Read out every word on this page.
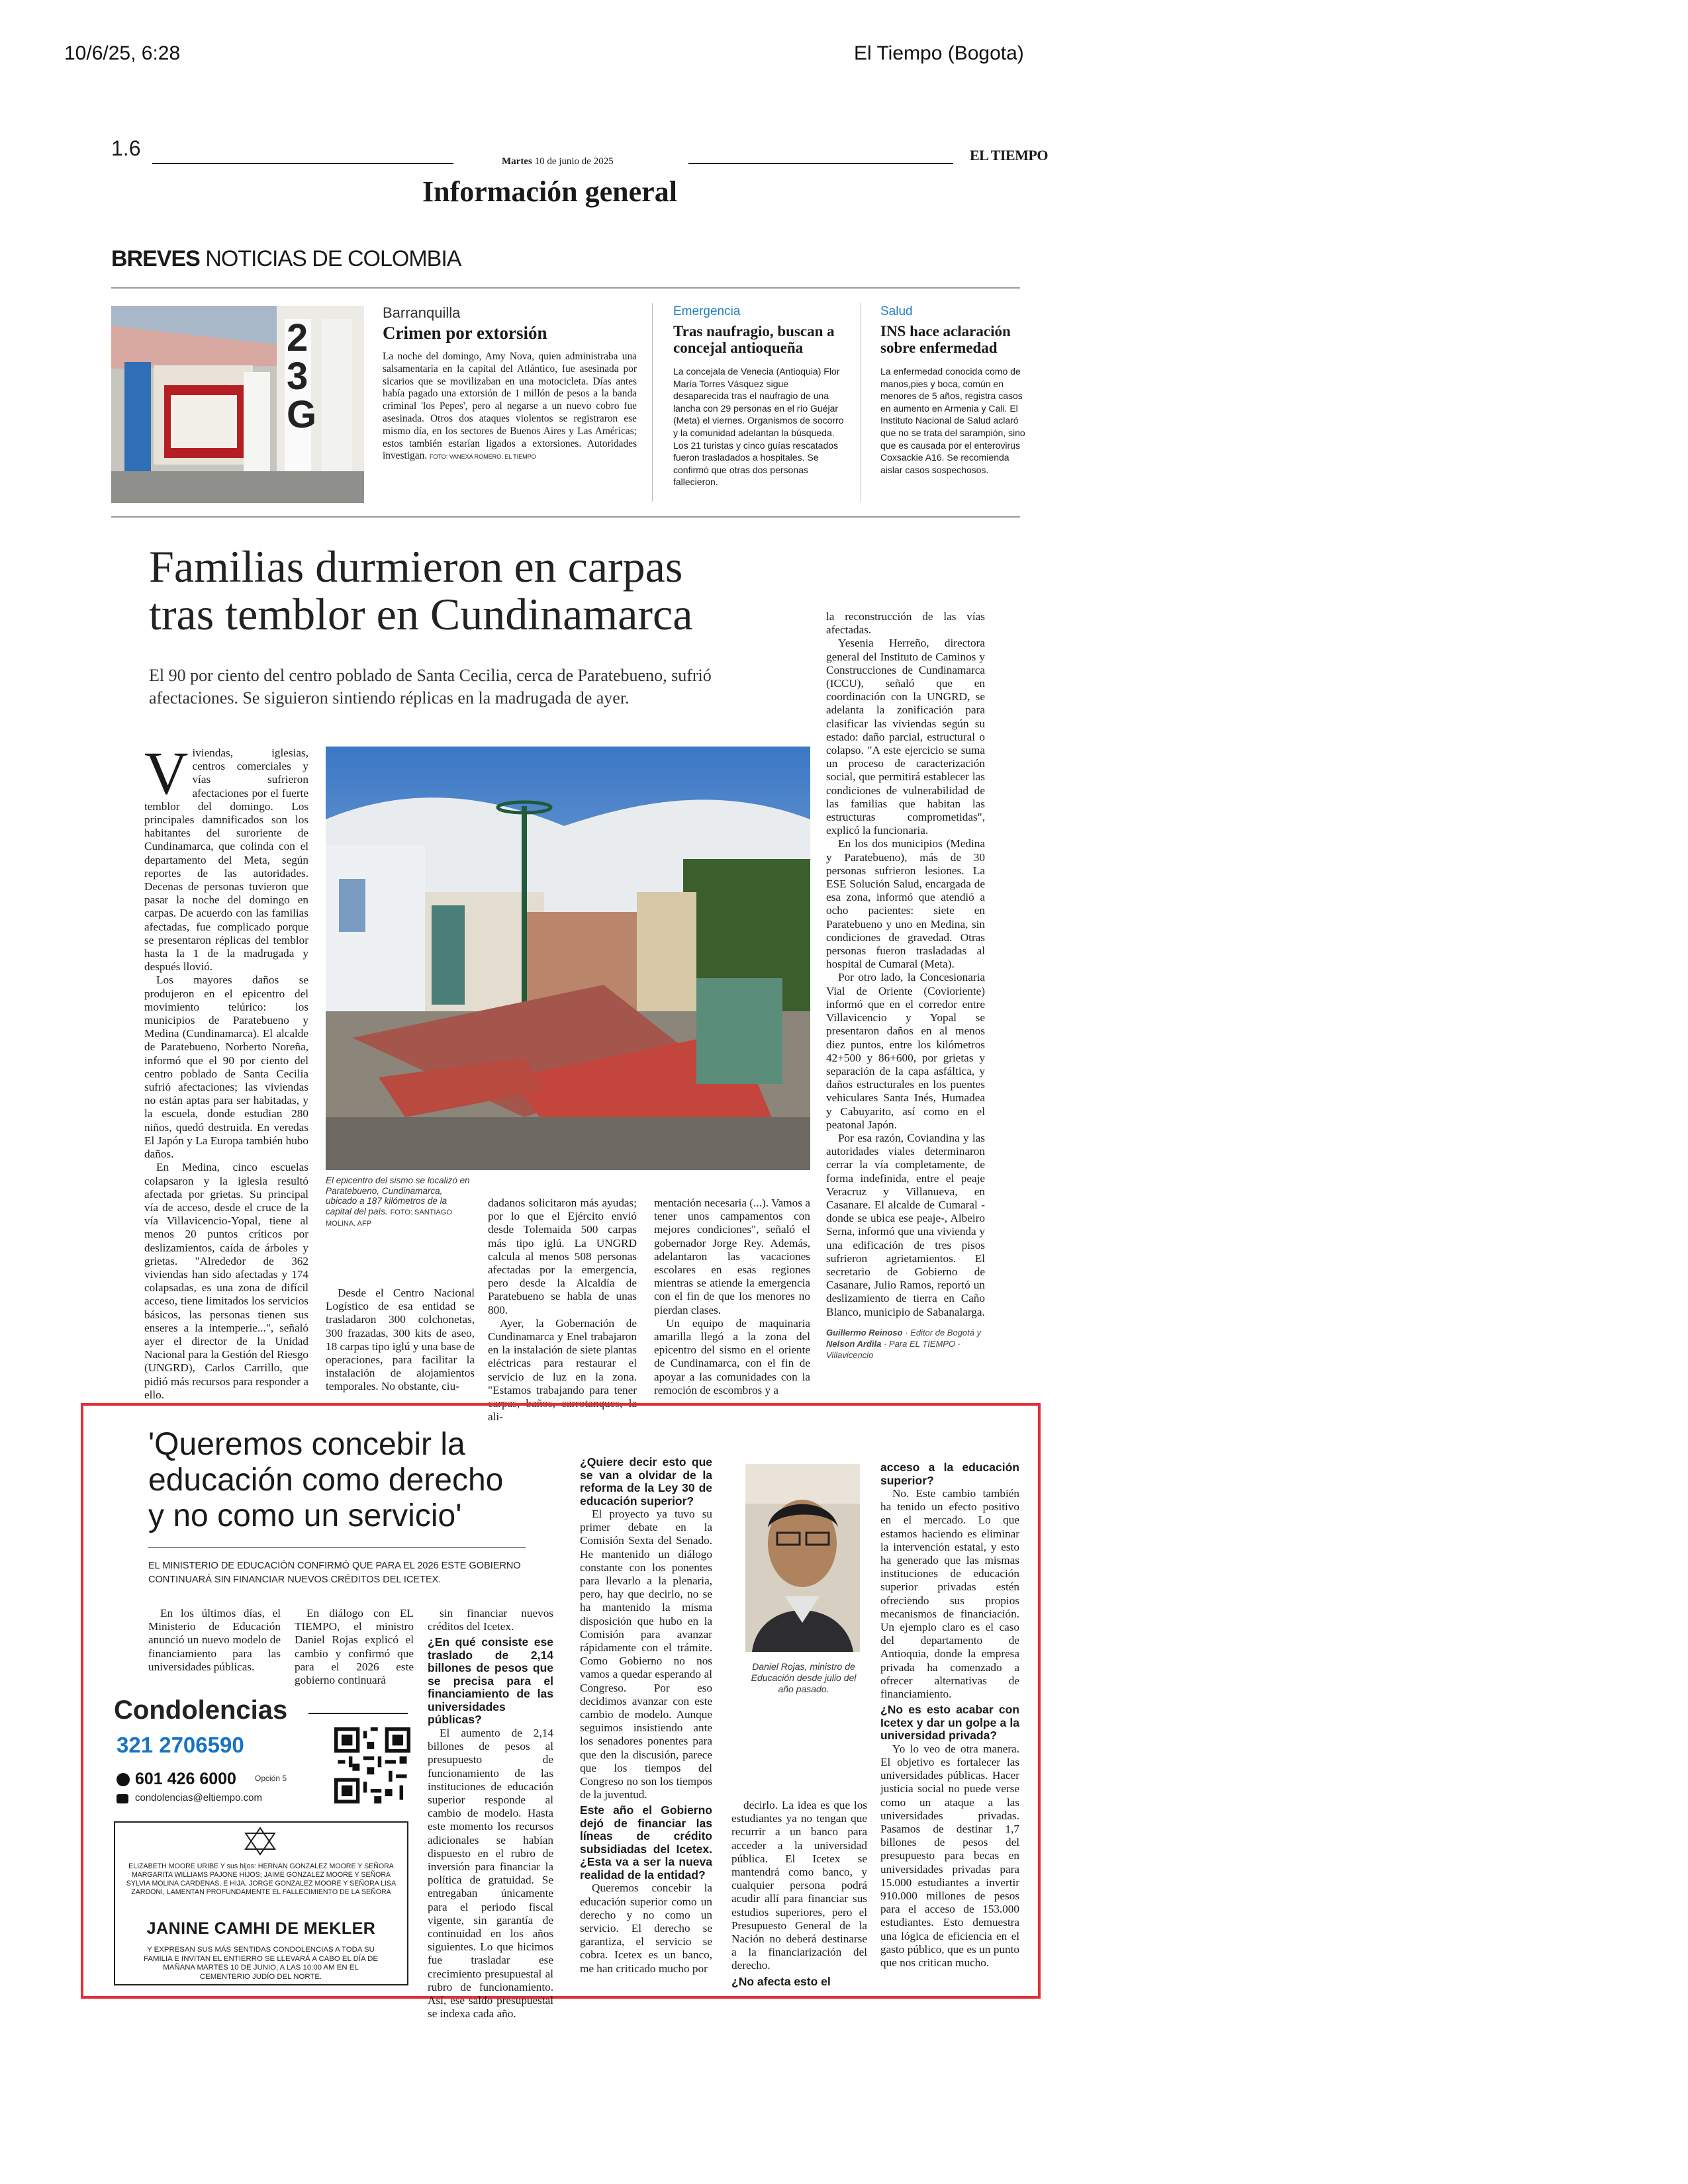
10/6/25, 6:28	El Tiempo (Bogota)
1.6
Martes 10 de junio de 2025	EL TIEMPO
Información general
BREVES NOTICIAS DE COLOMBIA
2
3
G
Barranquilla
Crimen por extorsión
La noche del domingo, Amy Nova, quien administraba una salsamentaria en la capital del Atlántico, fue asesinada por sicarios que se movilizaban en una motocicleta. Días antes había pagado una extorsión de 1 millón de pesos a la banda criminal 'los Pepes', pero al negarse a un nuevo cobro fue asesinada. Otros dos ataques violentos se registraron ese mismo día, en los sectores de Buenos Aires y Las Américas; estos también estarían ligados a extorsiones. Autoridades investigan. FOTO: VANEXA ROMERO. EL TIEMPO
Emergencia
Tras naufragio, buscan a concejal antioqueña
La concejala de Venecia (Antioquia) Flor María Torres Vásquez sigue desaparecida tras el naufragio de una lancha con 29 personas en el río Guéjar (Meta) el viernes. Organismos de socorro y la comunidad adelantan la búsqueda. Los 21 turistas y cinco guías rescatados fueron trasladados a hospitales. Se confirmó que otras dos personas fallecieron.
Salud
INS hace aclaración sobre enfermedad
La enfermedad conocida como de manos,pies y boca, común en menores de 5 años, registra casos en aumento en Armenia y Cali. El Instituto Nacional de Salud aclaró que no se trata del sarampión, sino que es causada por el enterovirus Coxsackie A16. Se recomienda aislar casos sospechosos.
Familias durmieron en carpas
tras temblor en Cundinamarca
El 90 por ciento del centro poblado de Santa Cecilia, cerca de Paratebueno, sufrió afectaciones. Se siguieron sintiendo réplicas en la madrugada de ayer.
V iviendas, iglesias, centros comerciales y vías sufrieron afectaciones por el fuerte temblor del domingo. Los principales damnificados son los habitantes del suroriente de Cundinamarca, que colinda con el departamento del Meta, según reportes de las autoridades. Decenas de personas tuvieron que pasar la noche del domingo en carpas. De acuerdo con las familias afectadas, fue complicado porque se presentaron réplicas del temblor hasta la 1 de la madrugada y después llovió.

Los mayores daños se produjeron en el epicentro del movimiento telúrico: los municipios de Paratebueno y Medina (Cundinamarca). El alcalde de Paratebueno, Norberto Noreña, informó que el 90 por ciento del centro poblado de Santa Cecilia sufrió afectaciones; las viviendas no están aptas para ser habitadas, y la escuela, donde estudian 280 niños, quedó destruida. En veredas El Japón y La Europa también hubo daños.

En Medina, cinco escuelas colapsaron y la iglesia resultó afectada por grietas. Su principal vía de acceso, desde el cruce de la vía Villavicencio-Yopal, tiene al menos 20 puntos críticos por deslizamientos, caída de árboles y grietas. "Alrededor de 362 viviendas han sido afectadas y 174 colapsadas, es una zona de difícil acceso, tiene limitados los servicios básicos, las personas tienen sus enseres a la intemperie...", señaló ayer el director de la Unidad Nacional para la Gestión del Riesgo (UNGRD), Carlos Carrillo, que pidió más recursos para responder a ello.

El epicentro del sismo se localizó en Paratebueno, Cundinamarca, ubicado a 187 kilómetros de la capital del país. FOTO: SANTIAGO MOLINA. AFP

Desde el Centro Nacional Logístico de esa entidad se trasladaron 300 colchonetas, 300 frazadas, 300 kits de aseo, 18 carpas tipo iglú y una base de operaciones, para facilitar la instalación de alojamientos temporales. No obstante, ciu-

dadanos solicitaron más ayudas; por lo que el Ejército envió desde Tolemaida 500 carpas más tipo iglú. La UNGRD calcula al menos 508 personas afectadas por la emergencia, pero desde la Alcaldía de Paratebueno se habla de unas 800.

Ayer, la Gobernación de Cundinamarca y Enel trabajaron en la instalación de siete plantas eléctricas para restaurar el servicio de luz en la zona. "Estamos trabajando para tener carpas, baños, carrotanques, la ali-

mentación necesaria (...). Vamos a tener unos campamentos con mejores condiciones", señaló el gobernador Jorge Rey. Además, adelantaron las vacaciones escolares en esas regiones mientras se atiende la emergencia con el fin de que los menores no pierdan clases.

Un equipo de maquinaria amarilla llegó a la zona del epicentro del sismo en el oriente de Cundinamarca, con el fin de apoyar a las comunidades con la remoción de escombros y a

la reconstrucción de las vías afectadas.

Yesenia Herreño, directora general del Instituto de Caminos y Construcciones de Cundinamarca (ICCU), señaló que en coordinación con la UNGRD, se adelanta la zonificación para clasificar las viviendas según su estado: daño parcial, estructural o colapso. "A este ejercicio se suma un proceso de caracterización social, que permitirá establecer las condiciones de vulnerabilidad de las familias que habitan las estructuras comprometidas", explicó la funcionaria.

En los dos municipios (Medina y Paratebueno), más de 30 personas sufrieron lesiones. La ESE Solución Salud, encargada de esa zona, informó que atendió a ocho pacientes: siete en Paratebueno y uno en Medina, sin condiciones de gravedad. Otras personas fueron trasladadas al hospital de Cumaral (Meta).

Por otro lado, la Concesionaria Vial de Oriente (Coviorientе) informó que en el corredor entre Villavicencio y Yopal se presentaron daños en al menos diez puntos, entre los kilómetros 42+500 y 86+600, por grietas y separación de la capa asfáltica, y daños estructurales en los puentes vehiculares Santa Inés, Humadea y Cabuyarito, así como en el peatonal Japón.

Por esa razón, Coviandina y las autoridades viales determinaron cerrar la vía completamente, de forma indefinida, entre el peaje Veracruz y Villanueva, en Casanare. El alcalde de Cumaral -donde se ubica ese peaje-, Albeiro Serna, informó que una vivienda y una edificación de tres pisos sufrieron agrietamientos. El secretario de Gobierno de Casanare, Julio Ramos, reportó un deslizamiento de tierra en Caño Blanco, municipio de Sabanalarga.

Guillermo Reinoso · Editor de Bogotá y Nelson Ardila · Para EL TIEMPO · Villavicencio
'Queremos concebir la
educación como derecho
y no como un servicio'
EL MINISTERIO DE EDUCACIÓN CONFIRMÓ QUE PARA EL 2026 ESTE GOBIERNO CONTINUARÁ SIN FINANCIAR NUEVOS CRÉDITOS DEL ICETEX.

En los últimos días, el Ministerio de Educación anunció un nuevo modelo de financiamiento para las universidades públicas.

En diálogo con EL TIEMPO, el ministro Daniel Rojas explicó el cambio y confirmó que para el 2026 este gobierno continuará

Condolencias
321 2706590
601 426 6000 Opción 5
condolencias@eltiempo.com
ELIZABETH MOORE URIBE Y sus hijos: HERNAN GONZALEZ MOORE Y SEÑORA MARGARITA WILLIAMS PAJONE HIJOS; JAIME GONZALEZ MOORE Y SEÑORA SYLVIA MOLINA CARDENAS, E HIJA, JORGE GONZALEZ MOORE Y SEÑORA LISA ZARDONI, LAMENTAN PROFUNDAMENTE EL FALLECIMIENTO DE LA SEÑORA
JANINE CAMHI DE MEKLER
Y EXPRESAN SUS MÁS SENTIDAS CONDOLENCIAS A TODA SU FAMILIA E INVITAN EL ENTIERRO SE LLEVARÁ A CABO EL DÍA DE MAÑANA MARTES 10 DE JUNIO, A LAS 10:00 AM EN EL CEMENTERIO JUDÍO DEL NORTE.

sin financiar nuevos créditos del Icetex.

¿En qué consiste ese traslado de 2,14 billones de pesos que se precisa para el financiamiento de las universidades públicas?

El aumento de 2,14 billones de pesos al presupuesto de funcionamiento de las instituciones de educación superior responde al cambio de modelo. Hasta este momento los recursos adicionales se habían dispuesto en el rubro de inversión para financiar la política de gratuidad. Se entregaban únicamente para el periodo fiscal vigente, sin garantía de continuidad en los años siguientes. Lo que hicimos fue trasladar ese crecimiento presupuestal al rubro de funcionamiento. Así, ese saldo presupuestal se indexa cada año.

¿Quiere decir esto que se van a olvidar de la reforma de la Ley 30 de educación superior?

El proyecto ya tuvo su primer debate en la Comisión Sexta del Senado. He mantenido un diálogo constante con los ponentes para llevarlo a la plenaria, pero, hay que decirlo, no se ha mantenido la misma disposición que hubo en la Comisión para avanzar rápidamente con el trámite. Como Gobierno no nos vamos a quedar esperando al Congreso. Por eso decidimos avanzar con este cambio de modelo. Aunque seguimos insistiendo ante los senadores ponentes para que den la discusión, parece que los tiempos del Congreso no son los tiempos de la juventud.

Este año el Gobierno dejó de financiar las líneas de crédito subsidiadas del Icetex. ¿Esta va a ser la nueva realidad de la entidad?

Queremos concebir la educación superior como un derecho y no como un servicio. El derecho se garantiza, el servicio se cobra. Icetex es un banco, me han criticado mucho por

Daniel Rojas, ministro de Educación desde julio del año pasado.

decirlo. La idea es que los estudiantes ya no tengan que recurrir a un banco para acceder a la universidad pública. El Icetex se mantendrá como banco, y cualquier persona podrá acudir allí para financiar sus estudios superiores, pero el Presupuesto General de la Nación no deberá destinarse a la financiarización del derecho.

¿No afecta esto el

acceso a la educación superior?

No. Este cambio también ha tenido un efecto positivo en el mercado. Lo que estamos haciendo es eliminar la intervención estatal, y esto ha generado que las mismas instituciones de educación superior privadas estén ofreciendo sus propios mecanismos de financiación. Un ejemplo claro es el caso del departamento de Antioquia, donde la empresa privada ha comenzado a ofrecer alternativas de financiamiento.

¿No es esto acabar con Icetex y dar un golpe a la universidad privada?

Yo lo veo de otra manera. El objetivo es fortalecer las universidades públicas. Hacer justicia social no puede verse como un ataque a las universidades privadas. Pasamos de destinar 1,7 billones de pesos del presupuesto para becas en universidades privadas para 15.000 estudiantes a invertir 910.000 millones de pesos para el acceso de 153.000 estudiantes. Esto demuestra una lógica de eficiencia en el gasto público, que es un punto que nos critican mucho.
